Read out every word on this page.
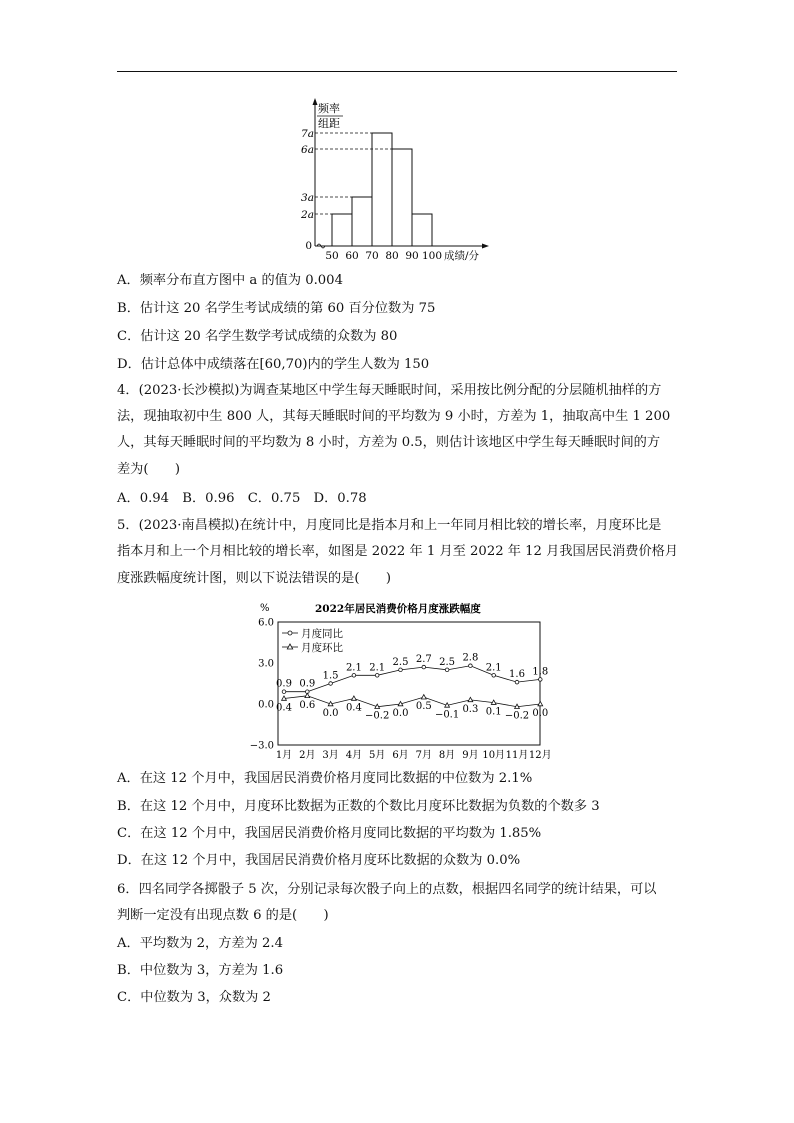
频率
组距
7a
6a
3a
2a
0
50 60 70 80 90 100 成绩/分
A．频率分布直方图中 a 的值为 0.004
B．估计这 20 名学生考试成绩的第 60 百分位数为 75
C．估计这 20 名学生数学考试成绩的众数为 80
D．估计总体中成绩落在[60,70)内的学生人数为 150
4．(2023·长沙模拟)为调查某地区中学生每天睡眠时间，采用按比例分配的分层随机抽样的方
法，现抽取初中生 800 人，其每天睡眠时间的平均数为 9 小时，方差为 1，抽取高中生 1 200
人，其每天睡眠时间的平均数为 8 小时，方差为 0.5，则估计该地区中学生每天睡眠时间的方
差为(　　)
A．0.94　B．0.96　C．0.75　D．0.78
5．(2023·南昌模拟)在统计中，月度同比是指本月和上一年同月相比较的增长率，月度环比是
指本月和上一个月相比较的增长率，如图是 2022 年 1 月至 2022 年 12 月我国居民消费价格月
度涨跌幅度统计图，则以下说法错误的是(　　)
%	2022年居民消费价格月度涨跌幅度
6.0
3.0
0.0
−3.0
月度同比
月度环比
0.9 0.9
1.5
2.1 2.1 2.5 2.7 2.5 2.8
2.1
1.6 1.8
0.4 0.6
0.0 0.4
−0.2 0.0
0.5
−0.1 0.3 0.1 −0.2 0.0
1月 2月 3月 4月 5月 6月 7月 8月 9月 10月 11月 12月
A．在这 12 个月中，我国居民消费价格月度同比数据的中位数为 2.1%
B．在这 12 个月中，月度环比数据为正数的个数比月度环比数据为负数的个数多 3
C．在这 12 个月中，我国居民消费价格月度同比数据的平均数为 1.85%
D．在这 12 个月中，我国居民消费价格月度环比数据的众数为 0.0%
6．四名同学各掷骰子 5 次，分别记录每次骰子向上的点数，根据四名同学的统计结果，可以
判断一定没有出现点数 6 的是(　　)
A．平均数为 2，方差为 2.4
B．中位数为 3，方差为 1.6
C．中位数为 3，众数为 2
